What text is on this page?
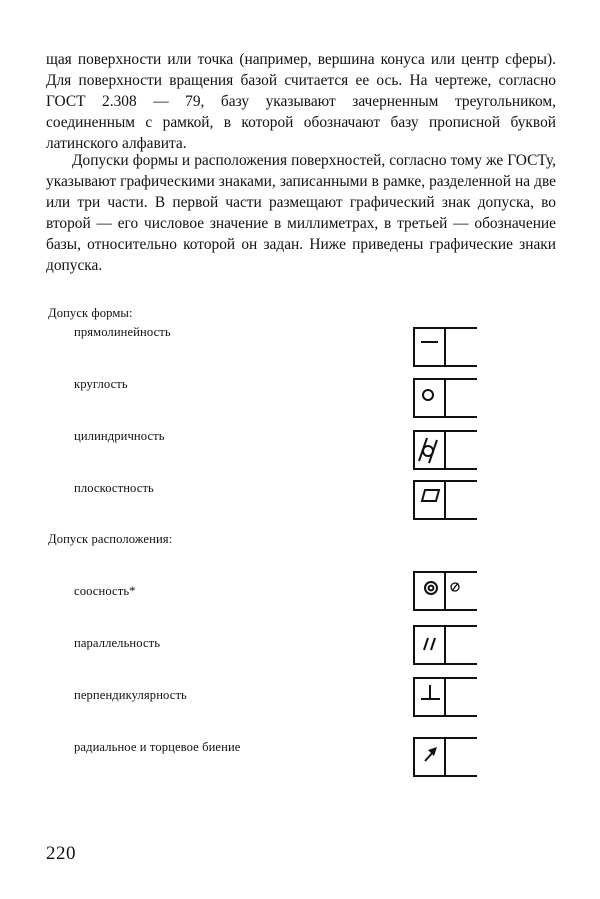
щая поверхности или точка (например, вершина конуса или центр сферы). Для поверхности вращения базой считается ее ось. На чертеже, согласно ГОСТ 2.308 — 79, базу указывают зачерненным треугольником, соединенным с рамкой, в которой обозначают базу прописной буквой латинского алфавита.

Допуски формы и расположения поверхностей, согласно тому же ГОСТу, указывают графическими знаками, записанными в рамке, разделенной на две или три части. В первой части размещают графический знак допуска, во второй — его числовое значение в миллиметрах, в третьей — обозначение базы, относительно которой он задан. Ниже приведены графические знаки допуска.

Допуск формы:
прямолинейность
круглость
цилиндричность
плоскостность
Допуск расположения:
соосность*
параллельность
перпендикулярность
радиальное и торцевое биение
220
